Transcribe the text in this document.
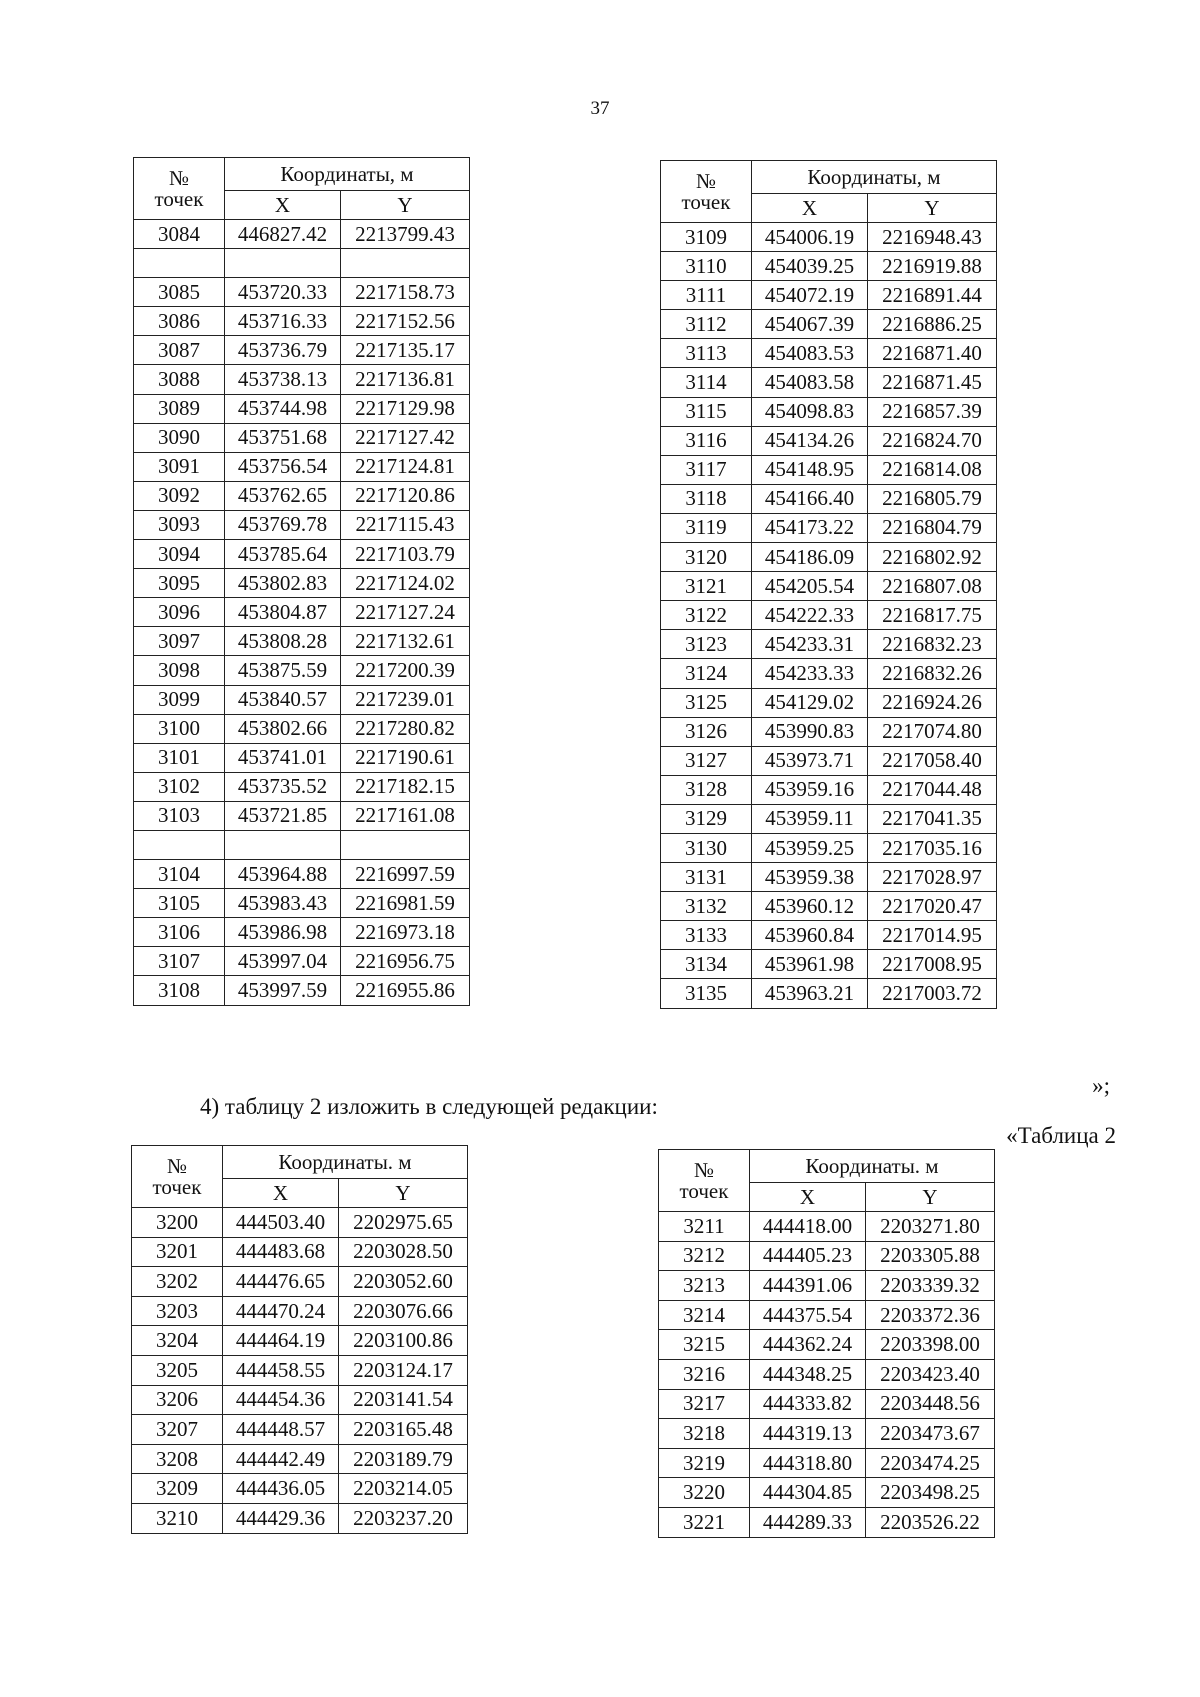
37
№
точек	Координаты, м	
	X	Y
3084	446827.42	2213799.43

3085	453720.33	2217158.73
3086	453716.33	2217152.56
3087	453736.79	2217135.17
3088	453738.13	2217136.81
3089	453744.98	2217129.98
3090	453751.68	2217127.42
3091	453756.54	2217124.81
3092	453762.65	2217120.86
3093	453769.78	2217115.43
3094	453785.64	2217103.79
3095	453802.83	2217124.02
3096	453804.87	2217127.24
3097	453808.28	2217132.61
3098	453875.59	2217200.39
3099	453840.57	2217239.01
3100	453802.66	2217280.82
3101	453741.01	2217190.61
3102	453735.52	2217182.15
3103	453721.85	2217161.08

3104	453964.88	2216997.59
3105	453983.43	2216981.59
3106	453986.98	2216973.18
3107	453997.04	2216956.75
3108	453997.59	2216955.86
№
точек	Координаты, м	
	X	Y
3109	454006.19	2216948.43
3110	454039.25	2216919.88
3111	454072.19	2216891.44
3112	454067.39	2216886.25
3113	454083.53	2216871.40
3114	454083.58	2216871.45
3115	454098.83	2216857.39
3116	454134.26	2216824.70
3117	454148.95	2216814.08
3118	454166.40	2216805.79
3119	454173.22	2216804.79
3120	454186.09	2216802.92
3121	454205.54	2216807.08
3122	454222.33	2216817.75
3123	454233.31	2216832.23
3124	454233.33	2216832.26
3125	454129.02	2216924.26
3126	453990.83	2217074.80
3127	453973.71	2217058.40
3128	453959.16	2217044.48
3129	453959.11	2217041.35
3130	453959.25	2217035.16
3131	453959.38	2217028.97
3132	453960.12	2217020.47
3133	453960.84	2217014.95
3134	453961.98	2217008.95
3135	453963.21	2217003.72
»;
4) таблицу 2 изложить в следующей редакции:
«Таблица 2
№
точек	Координаты. м	
	X	Y
3200	444503.40	2202975.65
3201	444483.68	2203028.50
3202	444476.65	2203052.60
3203	444470.24	2203076.66
3204	444464.19	2203100.86
3205	444458.55	2203124.17
3206	444454.36	2203141.54
3207	444448.57	2203165.48
3208	444442.49	2203189.79
3209	444436.05	2203214.05
3210	444429.36	2203237.20
№
точек	Координаты. м	
	X	Y
3211	444418.00	2203271.80
3212	444405.23	2203305.88
3213	444391.06	2203339.32
3214	444375.54	2203372.36
3215	444362.24	2203398.00
3216	444348.25	2203423.40
3217	444333.82	2203448.56
3218	444319.13	2203473.67
3219	444318.80	2203474.25
3220	444304.85	2203498.25
3221	444289.33	2203526.22
